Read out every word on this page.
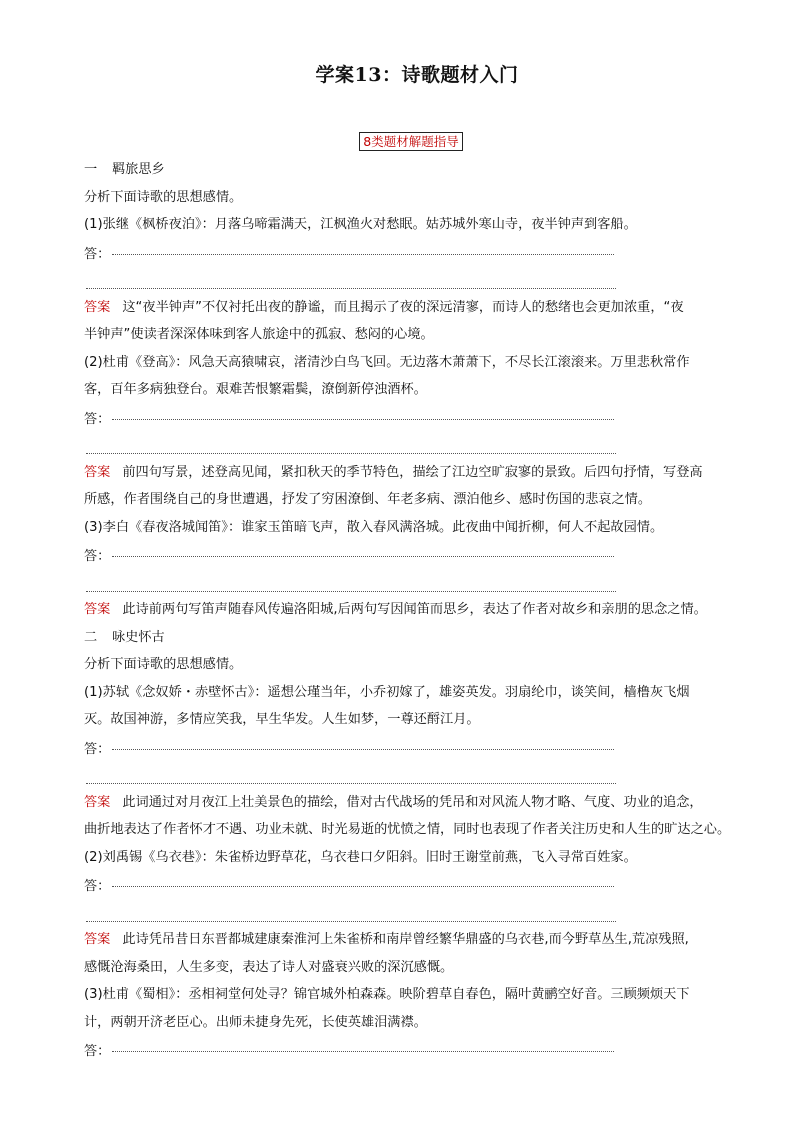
学案13：诗歌题材入门
8类题材解题指导
一 羁旅思乡
分析下面诗歌的思想感情。
(1)张继《枫桥夜泊》：月落乌啼霜满天，江枫渔火对愁眠。姑苏城外寒山寺，夜半钟声到客船。
答：
答案 这“夜半钟声”不仅衬托出夜的静谧，而且揭示了夜的深远清寥，而诗人的愁绪也会更加浓重，“夜
半钟声”使读者深深体味到客人旅途中的孤寂、愁闷的心境。
(2)杜甫《登高》：风急天高猿啸哀，渚清沙白鸟飞回。无边落木萧萧下，不尽长江滚滚来。万里悲秋常作
客，百年多病独登台。艰难苦恨繁霜鬓，潦倒新停浊酒杯。
答：
答案 前四句写景，述登高见闻，紧扣秋天的季节特色，描绘了江边空旷寂寥的景致。后四句抒情，写登高
所感，作者围绕自己的身世遭遇，抒发了穷困潦倒、年老多病、漂泊他乡、感时伤国的悲哀之情。
(3)李白《春夜洛城闻笛》：谁家玉笛暗飞声，散入春风满洛城。此夜曲中闻折柳，何人不起故园情。
答：
答案 此诗前两句写笛声随春风传遍洛阳城,后两句写因闻笛而思乡，表达了作者对故乡和亲朋的思念之情。
二 咏史怀古
分析下面诗歌的思想感情。
(1)苏轼《念奴娇・赤壁怀古》：遥想公瑾当年，小乔初嫁了，雄姿英发。羽扇纶巾，谈笑间，樯橹灰飞烟
灭。故国神游，多情应笑我，早生华发。人生如梦，一尊还酹江月。
答：
答案 此词通过对月夜江上壮美景色的描绘，借对古代战场的凭吊和对风流人物才略、气度、功业的追念，
曲折地表达了作者怀才不遇、功业未就、时光易逝的忧愤之情，同时也表现了作者关注历史和人生的旷达之心。
(2)刘禹锡《乌衣巷》：朱雀桥边野草花，乌衣巷口夕阳斜。旧时王谢堂前燕，飞入寻常百姓家。
答：
答案 此诗凭吊昔日东晋都城建康秦淮河上朱雀桥和南岸曾经繁华鼎盛的乌衣巷,而今野草丛生,荒凉残照,
感慨沧海桑田，人生多变，表达了诗人对盛衰兴败的深沉感慨。
(3)杜甫《蜀相》：丞相祠堂何处寻？锦官城外柏森森。映阶碧草自春色，隔叶黄鹂空好音。三顾频烦天下
计，两朝开济老臣心。出师未捷身先死，长使英雄泪满襟。
答：
